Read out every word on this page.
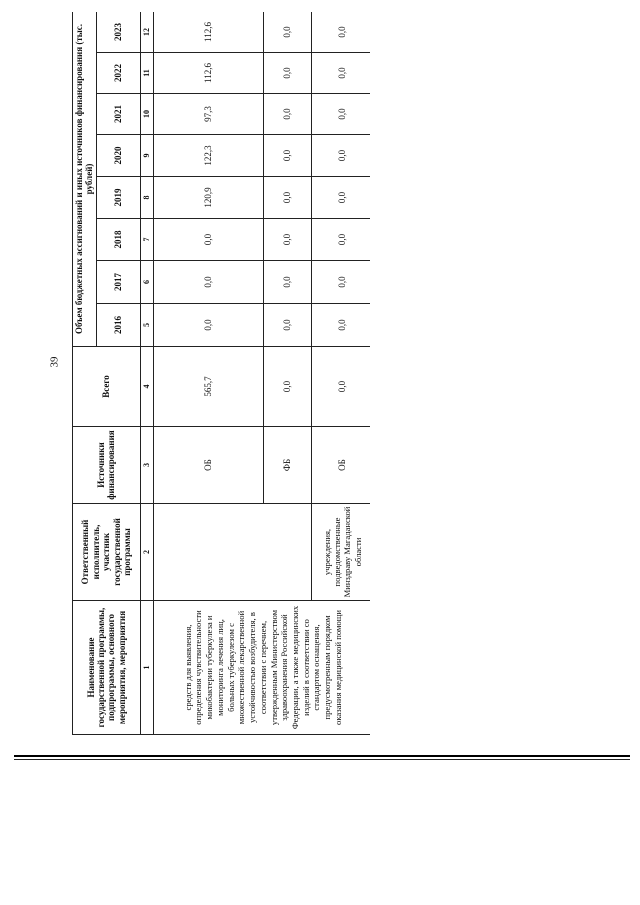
39
Наименование государственной программы, подпрограммы, основного мероприятия, мероприятия	Ответственный исполнитель, участник государственной программы	Источники финансирования	Всего	Объем бюджетных ассигнований и иных источников финансирования (тыс. рублей)							
				2016	2017	2018	2019	2020	2021	2022	2023
1	2	3	4	5	6	7	8	9	10	11	12
средств для выявления, определения чувствительности микобактерии туберкулеза и мониторинга лечения лиц, больных туберкулезом с множественной лекарственной устойчивостью возбудителя, в соответствии с перечнем, утвержденным Министерством здравоохранения Российской Федерации, а также медицинских изделий в соответствии со стандартом оснащения, предусмотренным порядком оказания медицинской помощи		ОБ	565,7	0,0	0,0	0,0	120,9	122,3	97,3	112,6	112,6
		ФБ	0,0	0,0	0,0	0,0	0,0	0,0	0,0	0,0	0,0
	учреждения, подведомственные Минздраву Магаданской области	ОБ	0,0	0,0	0,0	0,0	0,0	0,0	0,0	0,0	0,0
